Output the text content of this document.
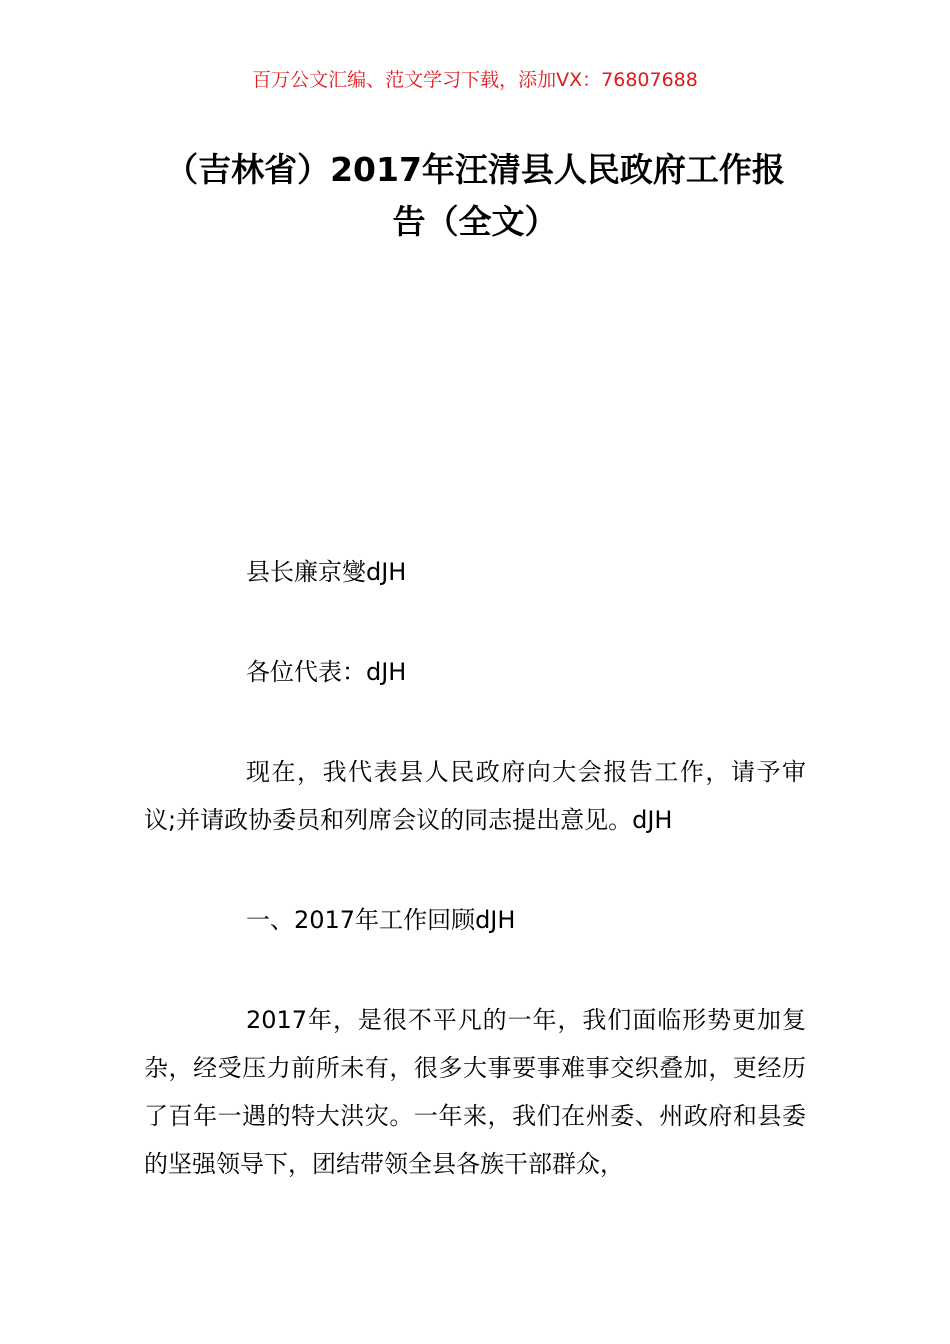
百万公文汇编、范文学习下载，添加VX：76807688
（吉林省）2017年汪清县人民政府工作报
告（全文）
县长廉京燮dJH
各位代表：dJH
现在，我代表县人民政府向大会报告工作，请予审议;并请政协委员和列席会议的同志提出意见。dJH
一、2017年工作回顾dJH
2017年，是很不平凡的一年，我们面临形势更加复杂，经受压力前所未有，很多大事要事难事交织叠加，更经历了百年一遇的特大洪灾。一年来，我们在州委、州政府和县委的坚强领导下，团结带领全县各族干部群众，
